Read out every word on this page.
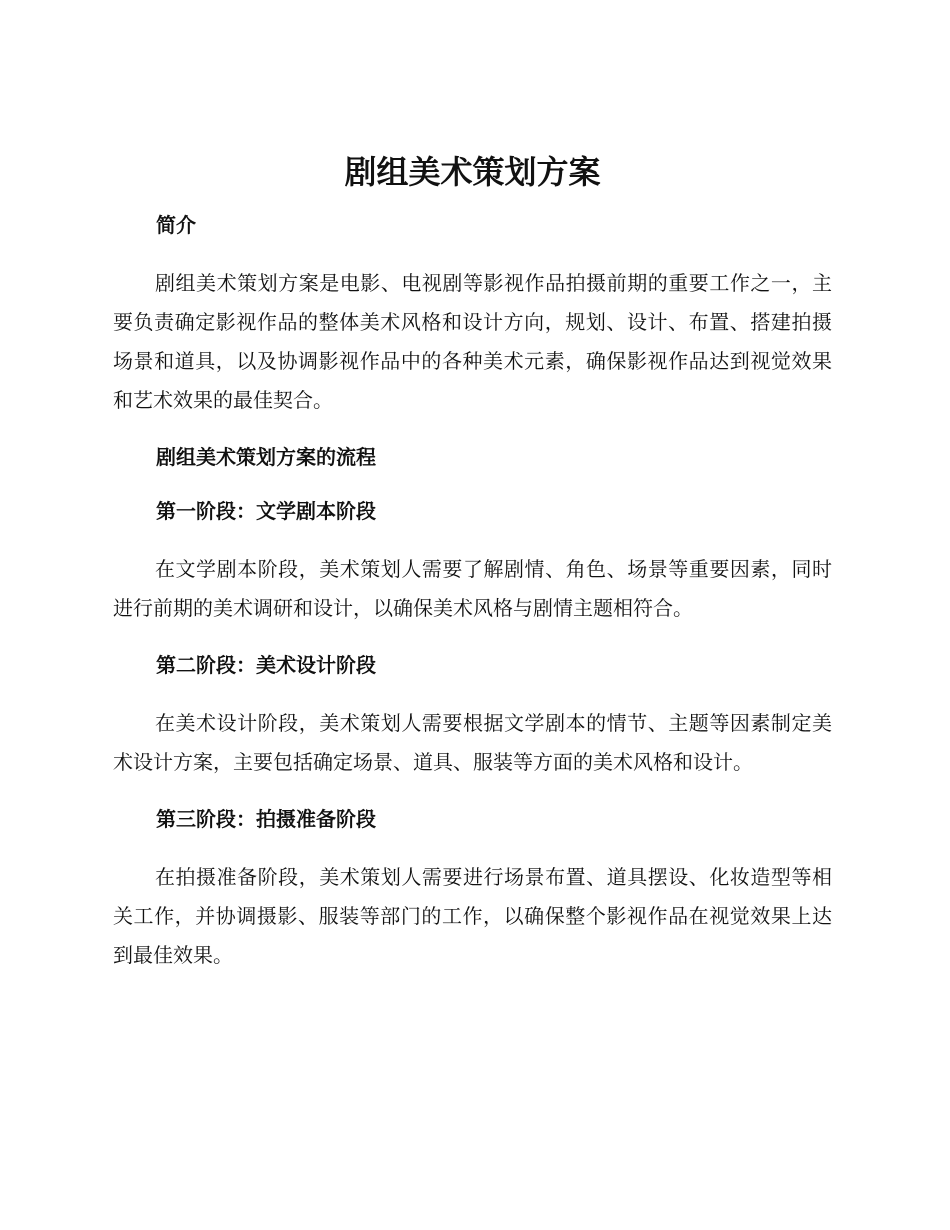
剧组美术策划方案
简介

剧组美术策划方案是电影、电视剧等影视作品拍摄前期的重要工作之一，主要负责确定影视作品的整体美术风格和设计方向，规划、设计、布置、搭建拍摄场景和道具，以及协调影视作品中的各种美术元素，确保影视作品达到视觉效果和艺术效果的最佳契合。

剧组美术策划方案的流程
第一阶段：文学剧本阶段

在文学剧本阶段，美术策划人需要了解剧情、角色、场景等重要因素，同时进行前期的美术调研和设计，以确保美术风格与剧情主题相符合。

第二阶段：美术设计阶段

在美术设计阶段，美术策划人需要根据文学剧本的情节、主题等因素制定美术设计方案，主要包括确定场景、道具、服装等方面的美术风格和设计。

第三阶段：拍摄准备阶段

在拍摄准备阶段，美术策划人需要进行场景布置、道具摆设、化妆造型等相关工作，并协调摄影、服装等部门的工作，以确保整个影视作品在视觉效果上达到最佳效果。
